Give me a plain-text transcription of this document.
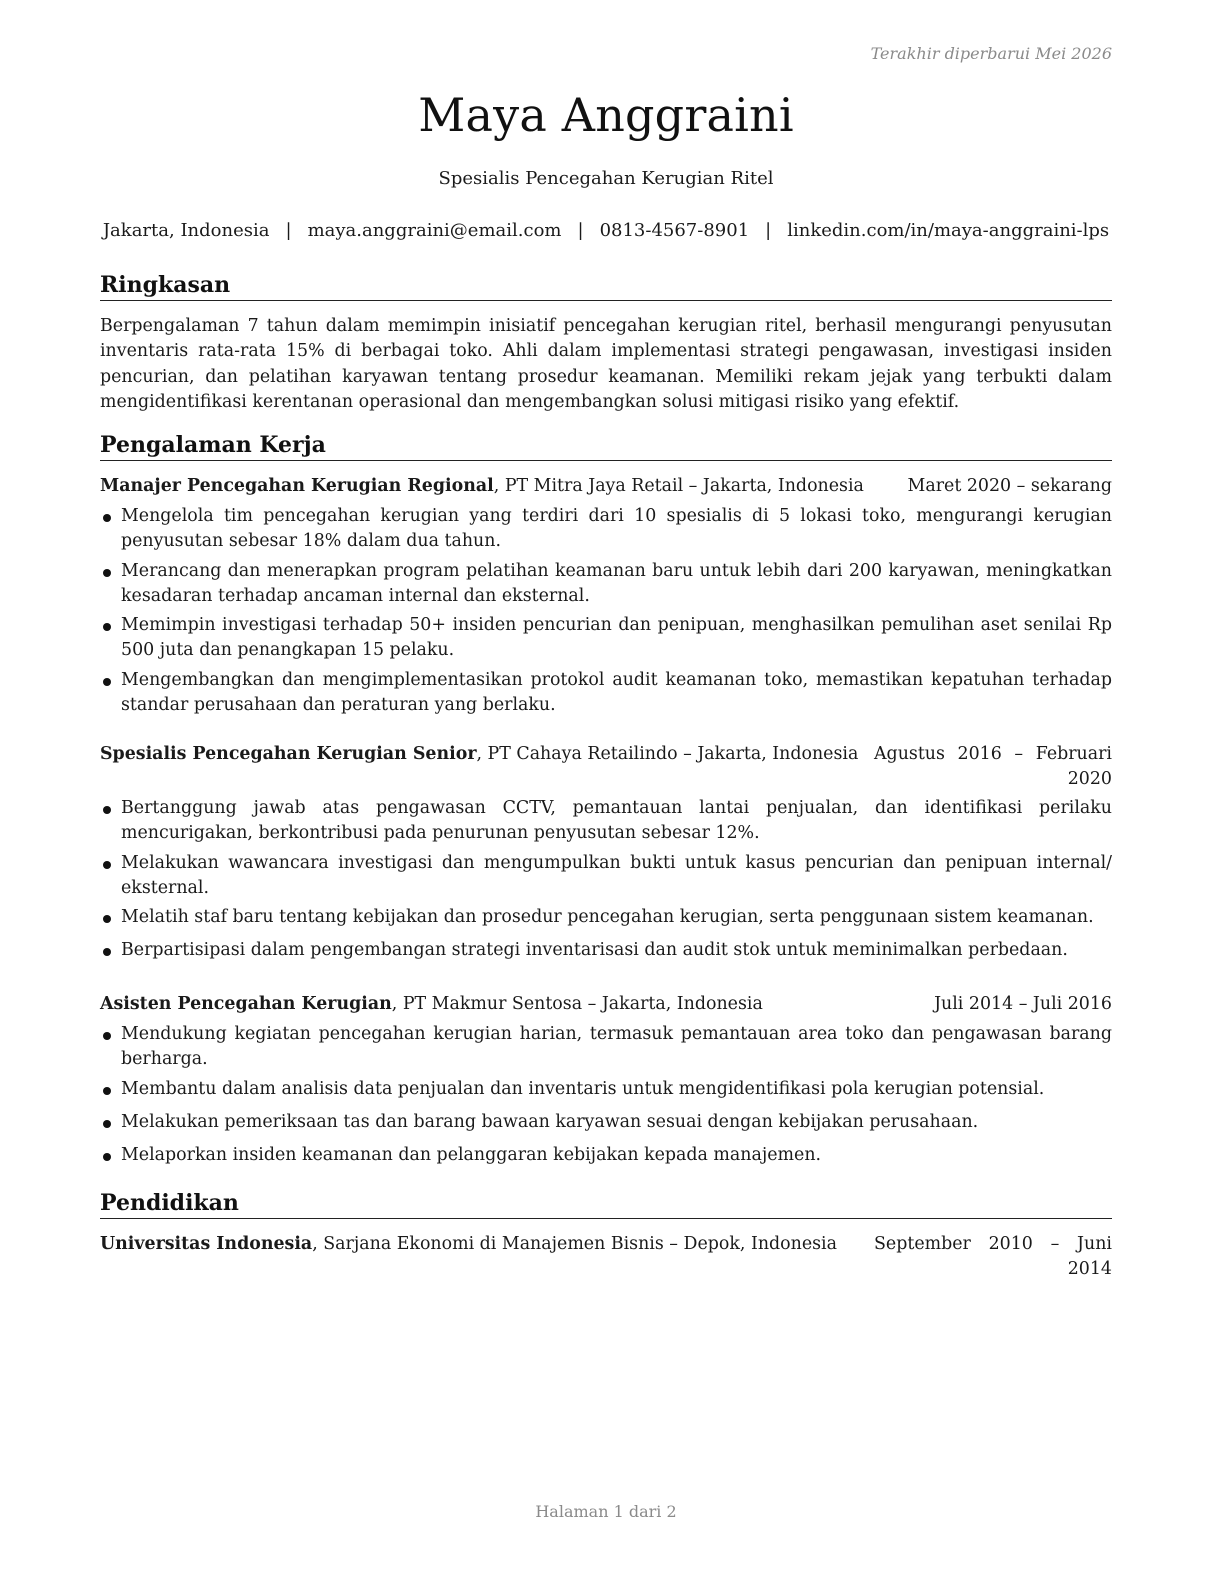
Terakhir diperbarui Mei 2026
Maya Anggraini
Spesialis Pencegahan Kerugian Ritel
Jakarta, Indonesia | maya.anggraini@email.com | 0813-4567-8901 | linkedin.com/in/maya-anggraini-lps
Ringkasan
Berpengalaman 7 tahun dalam memimpin inisiatif pencegahan kerugian ritel, berhasil mengurangi penyusutan inventaris rata-rata 15% di berbagai toko. Ahli dalam implementasi strategi pengawasan, investigasi insiden pencurian, dan pelatihan karyawan tentang prosedur keamanan. Memiliki rekam jejak yang terbukti dalam mengidentifikasi kerentanan operasional dan mengembangkan solusi mitigasi risiko yang efektif.
Pengalaman Kerja
Manajer Pencegahan Kerugian Regional, PT Mitra Jaya Retail – Jakarta, Indonesia	Maret 2020 – sekarang
Mengelola tim pencegahan kerugian yang terdiri dari 10 spesialis di 5 lokasi toko, mengurangi kerugian penyusutan sebesar 18% dalam dua tahun.
Merancang dan menerapkan program pelatihan keamanan baru untuk lebih dari 200 karyawan, meningkatkan kesadaran terhadap ancaman internal dan eksternal.
Memimpin investigasi terhadap 50+ insiden pencurian dan penipuan, menghasilkan pemulihan aset senilai Rp 500 juta dan penangkapan 15 pelaku.
Mengembangkan dan mengimplementasikan protokol audit keamanan toko, memastikan kepatuhan terhadap standar perusahaan dan peraturan yang berlaku.
Spesialis Pencegahan Kerugian Senior, PT Cahaya Retailindo – Jakarta, Indonesia Agustus 2016 – Februari 2020
Bertanggung jawab atas pengawasan CCTV, pemantauan lantai penjualan, dan identifikasi perilaku mencurigakan, berkontribusi pada penurunan penyusutan sebesar 12%.
Melakukan wawancara investigasi dan mengumpulkan bukti untuk kasus pencurian dan penipuan internal/ eksternal.
Melatih staf baru tentang kebijakan dan prosedur pencegahan kerugian, serta penggunaan sistem keamanan.
Berpartisipasi dalam pengembangan strategi inventarisasi dan audit stok untuk meminimalkan perbedaan.
Asisten Pencegahan Kerugian, PT Makmur Sentosa – Jakarta, Indonesia	Juli 2014 – Juli 2016
Mendukung kegiatan pencegahan kerugian harian, termasuk pemantauan area toko dan pengawasan barang berharga.
Membantu dalam analisis data penjualan dan inventaris untuk mengidentifikasi pola kerugian potensial.
Melakukan pemeriksaan tas dan barang bawaan karyawan sesuai dengan kebijakan perusahaan.
Melaporkan insiden keamanan dan pelanggaran kebijakan kepada manajemen.
Pendidikan
Universitas Indonesia, Sarjana Ekonomi di Manajemen Bisnis – Depok, Indonesia September 2010 – Juni 2014
Halaman 1 dari 2
